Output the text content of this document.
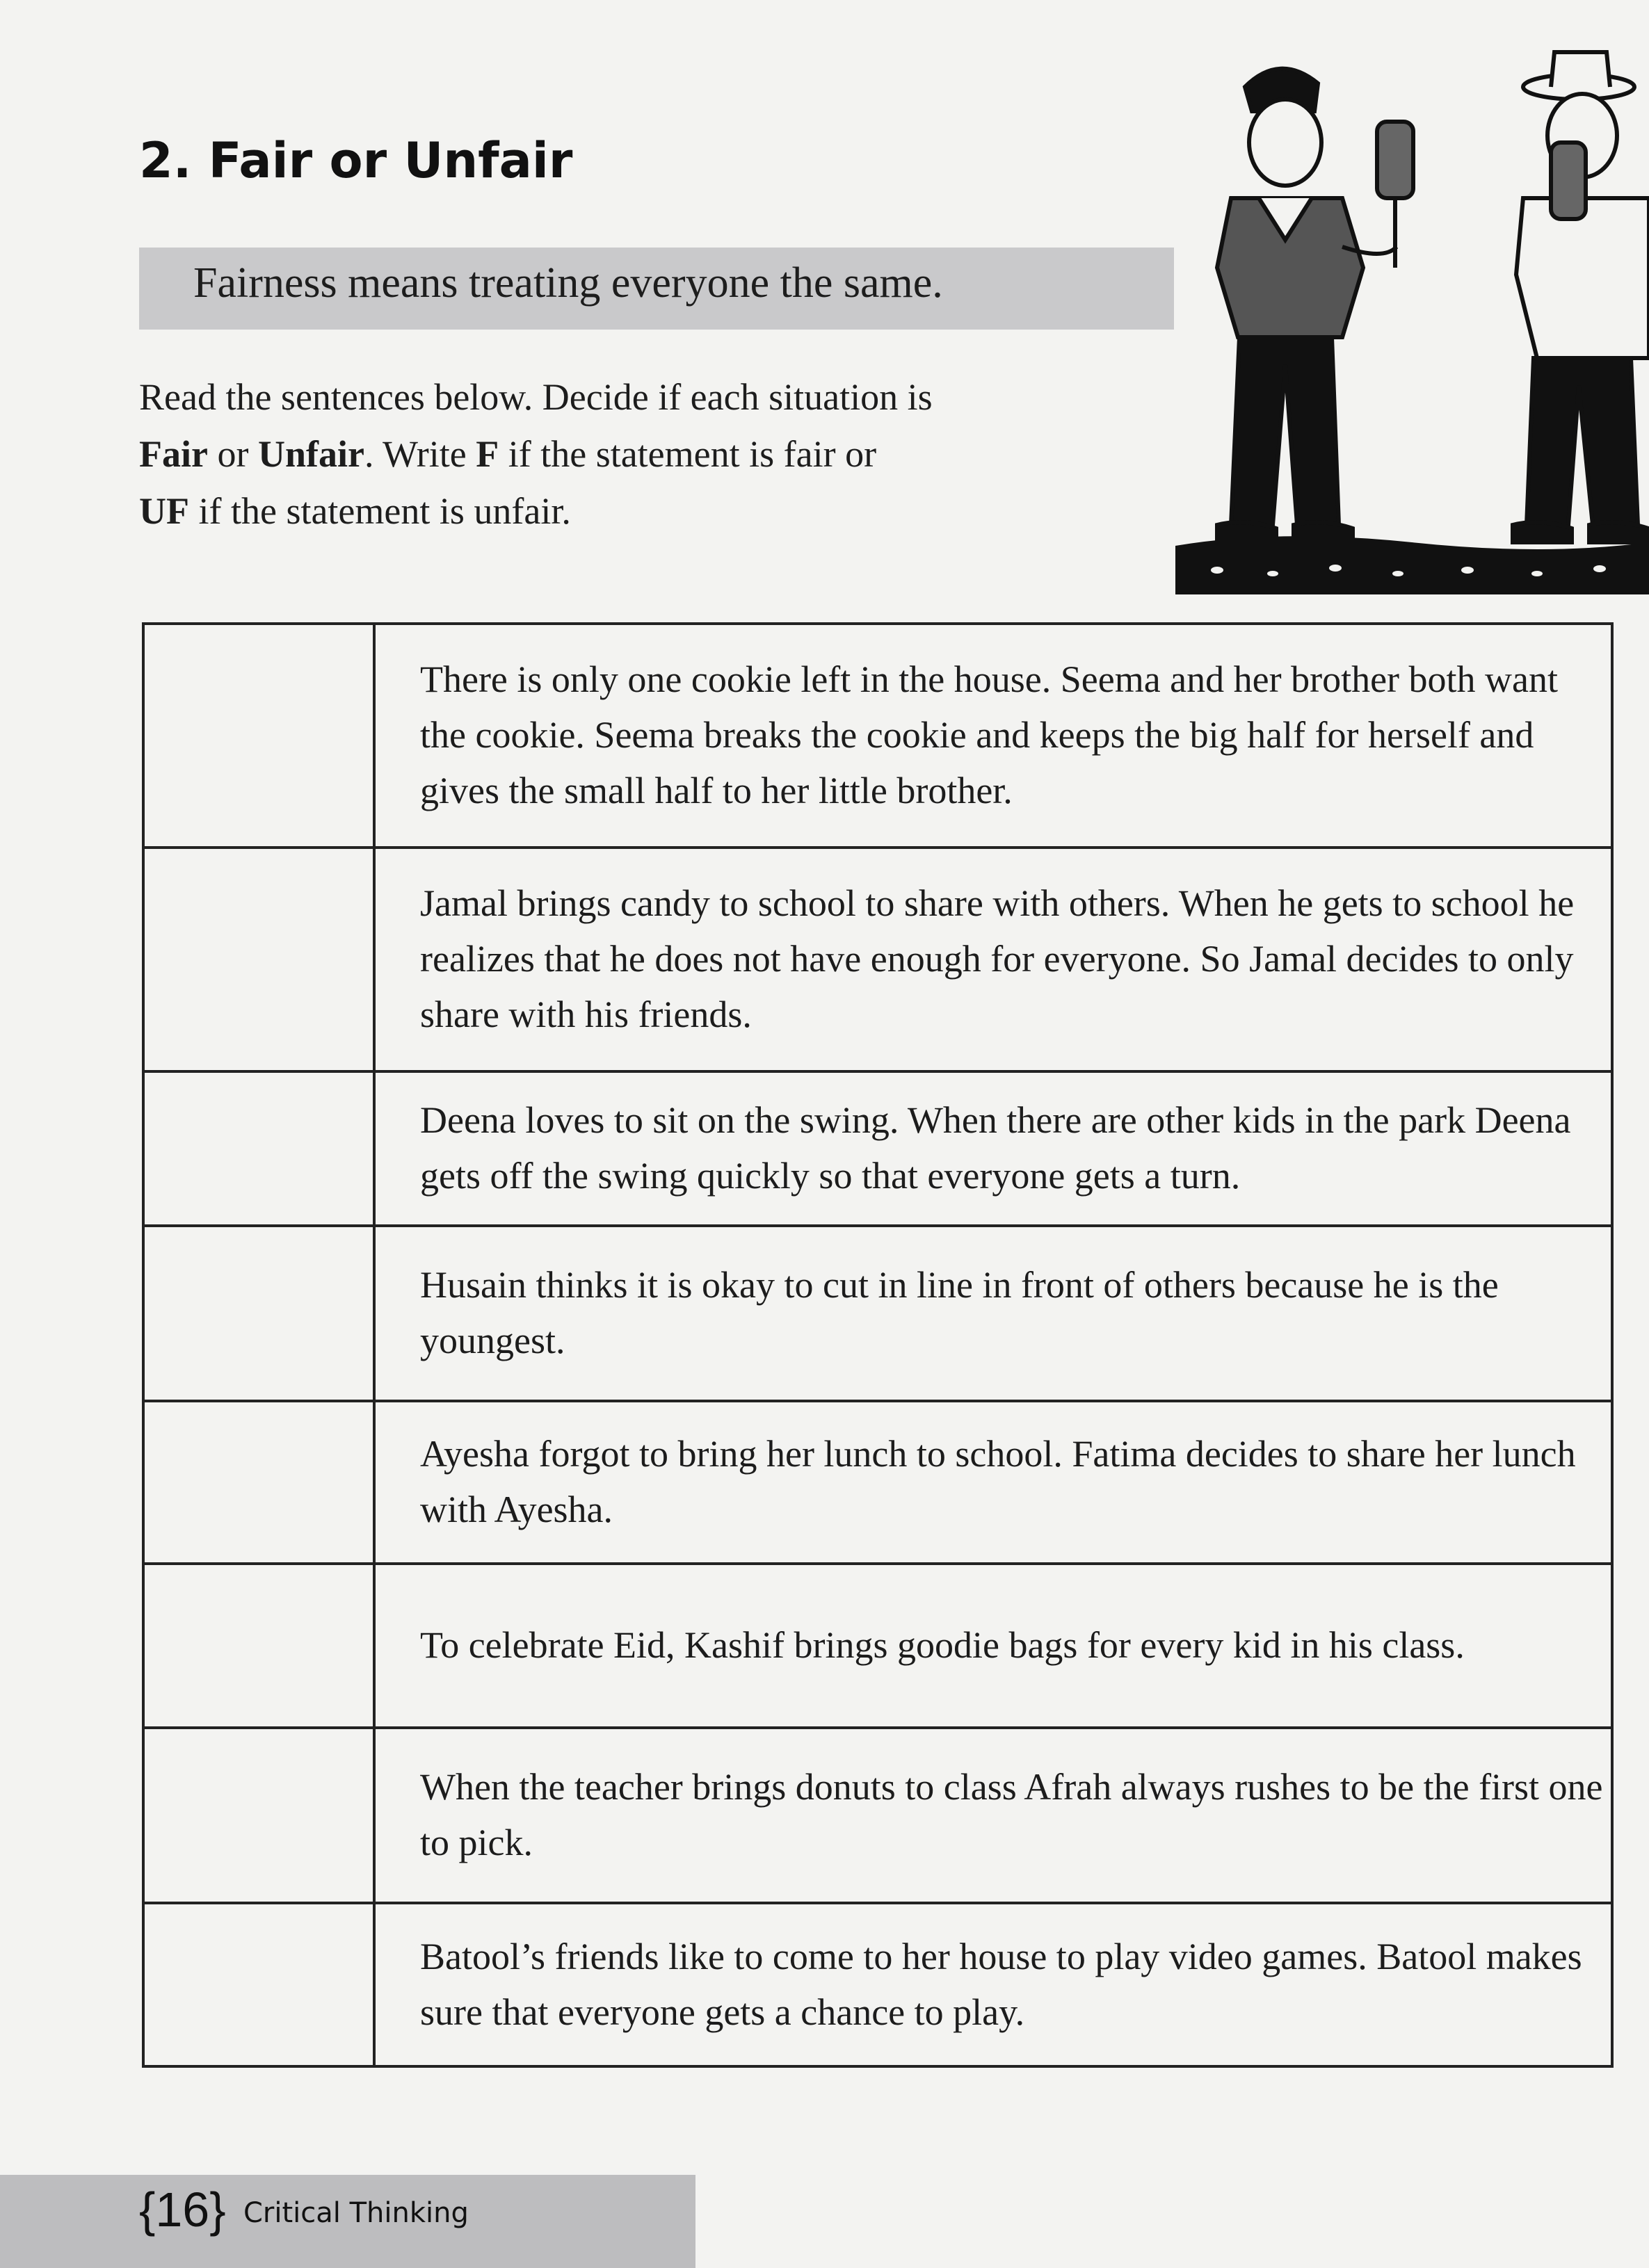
2. Fair or Unfair
Fairness means treating everyone the same.
Read the sentences below. Decide if each situation is
Fair or Unfair. Write F if the statement is fair or
UF if the statement is unfair.
	There is only one cookie left in the house. Seema and her brother both want the cookie. Seema breaks the cookie and keeps the big half for herself and gives the small half to her little brother.
	Jamal brings candy to school to share with others. When he gets to school he realizes that he does not have enough for everyone. So Jamal decides to only share with his friends.
	Deena loves to sit on the swing. When there are other kids in the park Deena gets off the swing quickly so that everyone gets a turn.
	Husain thinks it is okay to cut in line in front of others because he is the youngest.
	Ayesha forgot to bring her lunch to school. Fatima decides to share her lunch with Ayesha.
	To celebrate Eid, Kashif brings goodie bags for every kid in his class.
	When the teacher brings donuts to class Afrah always rushes to be the first one to pick.
	Batool’s friends like to come to her house to play video games. Batool makes sure that everyone gets a chance to play.
{16} Critical Thinking
